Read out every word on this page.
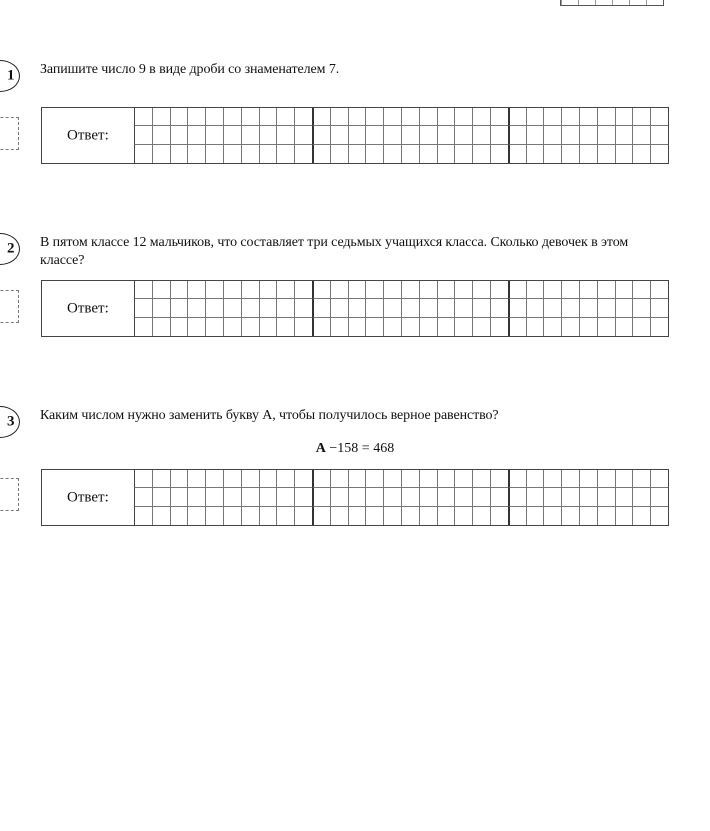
1 Запишите число 9 в виде дроби со знаменателем 7.
Ответ:
2 В пятом классе 12 мальчиков, что составляет три седьмых учащихся класса. Сколько девочек в этом классе?
Ответ:
3 Каким числом нужно заменить букву А, чтобы получилось верное равенство?
А −158 = 468
Ответ:
